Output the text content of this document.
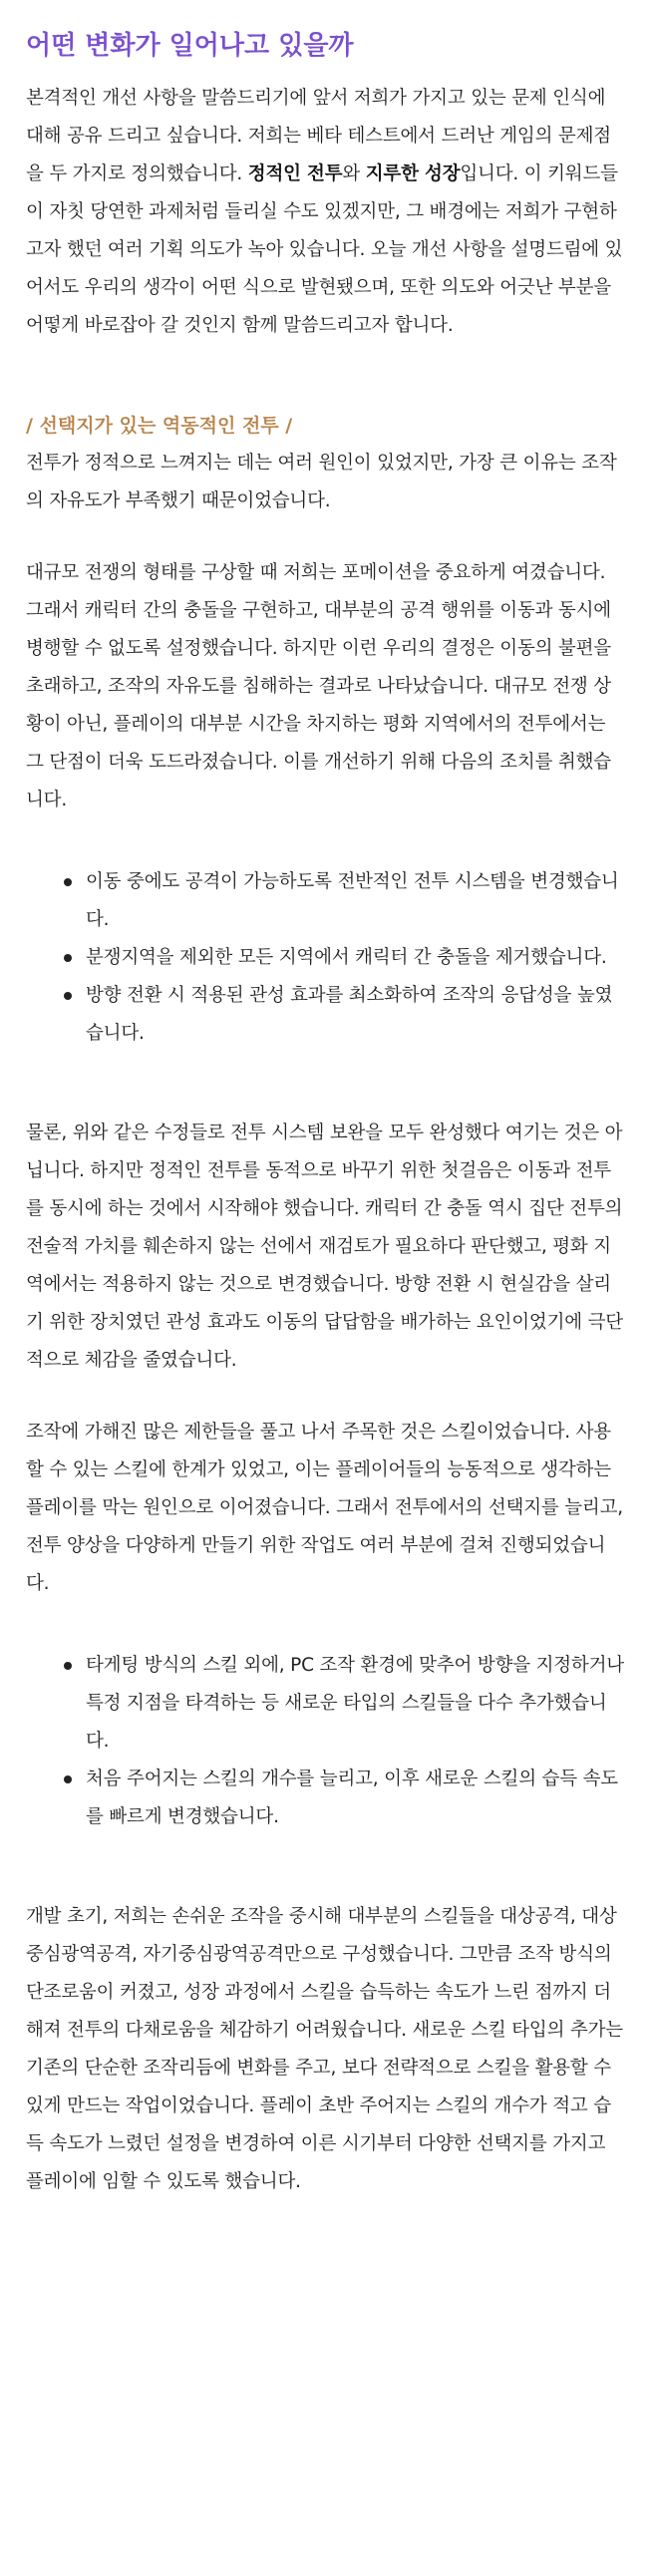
어떤 변화가 일어나고 있을까

본격적인 개선 사항을 말씀드리기에 앞서 저희가 가지고 있는 문제 인식에 대해 공유 드리고 싶습니다. 저희는 베타 테스트에서 드러난 게임의 문제점을 두 가지로 정의했습니다. 정적인 전투와 지루한 성장입니다. 이 키워드들이 자칫 당연한 과제처럼 들리실 수도 있겠지만, 그 배경에는 저희가 구현하고자 했던 여러 기획 의도가 녹아 있습니다. 오늘 개선 사항을 설명드림에 있어서도 우리의 생각이 어떤 식으로 발현됐으며, 또한 의도와 어긋난 부분을 어떻게 바로잡아 갈 것인지 함께 말씀드리고자 합니다.

/ 선택지가 있는 역동적인 전투 /

전투가 정적으로 느껴지는 데는 여러 원인이 있었지만, 가장 큰 이유는 조작의 자유도가 부족했기 때문이었습니다.

대규모 전쟁의 형태를 구상할 때 저희는 포메이션을 중요하게 여겼습니다. 그래서 캐릭터 간의 충돌을 구현하고, 대부분의 공격 행위를 이동과 동시에 병행할 수 없도록 설정했습니다. 하지만 이런 우리의 결정은 이동의 불편을 초래하고, 조작의 자유도를 침해하는 결과로 나타났습니다. 대규모 전쟁 상황이 아닌, 플레이의 대부분 시간을 차지하는 평화 지역에서의 전투에서는 그 단점이 더욱 도드라졌습니다. 이를 개선하기 위해 다음의 조치를 취했습니다.

이동 중에도 공격이 가능하도록 전반적인 전투 시스템을 변경했습니다.
분쟁지역을 제외한 모든 지역에서 캐릭터 간 충돌을 제거했습니다.
방향 전환 시 적용된 관성 효과를 최소화하여 조작의 응답성을 높였습니다.

물론, 위와 같은 수정들로 전투 시스템 보완을 모두 완성했다 여기는 것은 아닙니다. 하지만 정적인 전투를 동적으로 바꾸기 위한 첫걸음은 이동과 전투를 동시에 하는 것에서 시작해야 했습니다. 캐릭터 간 충돌 역시 집단 전투의 전술적 가치를 훼손하지 않는 선에서 재검토가 필요하다 판단했고, 평화 지역에서는 적용하지 않는 것으로 변경했습니다. 방향 전환 시 현실감을 살리기 위한 장치였던 관성 효과도 이동의 답답함을 배가하는 요인이었기에 극단적으로 체감을 줄였습니다.

조작에 가해진 많은 제한들을 풀고 나서 주목한 것은 스킬이었습니다. 사용할 수 있는 스킬에 한계가 있었고, 이는 플레이어들의 능동적으로 생각하는 플레이를 막는 원인으로 이어졌습니다. 그래서 전투에서의 선택지를 늘리고, 전투 양상을 다양하게 만들기 위한 작업도 여러 부분에 걸쳐 진행되었습니다.

타게팅 방식의 스킬 외에, PC 조작 환경에 맞추어 방향을 지정하거나 특정 지점을 타격하는 등 새로운 타입의 스킬들을 다수 추가했습니다.
처음 주어지는 스킬의 개수를 늘리고, 이후 새로운 스킬의 습득 속도를 빠르게 변경했습니다.

개발 초기, 저희는 손쉬운 조작을 중시해 대부분의 스킬들을 대상공격, 대상중심광역공격, 자기중심광역공격만으로 구성했습니다. 그만큼 조작 방식의 단조로움이 커졌고, 성장 과정에서 스킬을 습득하는 속도가 느린 점까지 더해져 전투의 다채로움을 체감하기 어려웠습니다. 새로운 스킬 타입의 추가는 기존의 단순한 조작리듬에 변화를 주고, 보다 전략적으로 스킬을 활용할 수 있게 만드는 작업이었습니다. 플레이 초반 주어지는 스킬의 개수가 적고 습득 속도가 느렸던 설정을 변경하여 이른 시기부터 다양한 선택지를 가지고 플레이에 임할 수 있도록 했습니다.
